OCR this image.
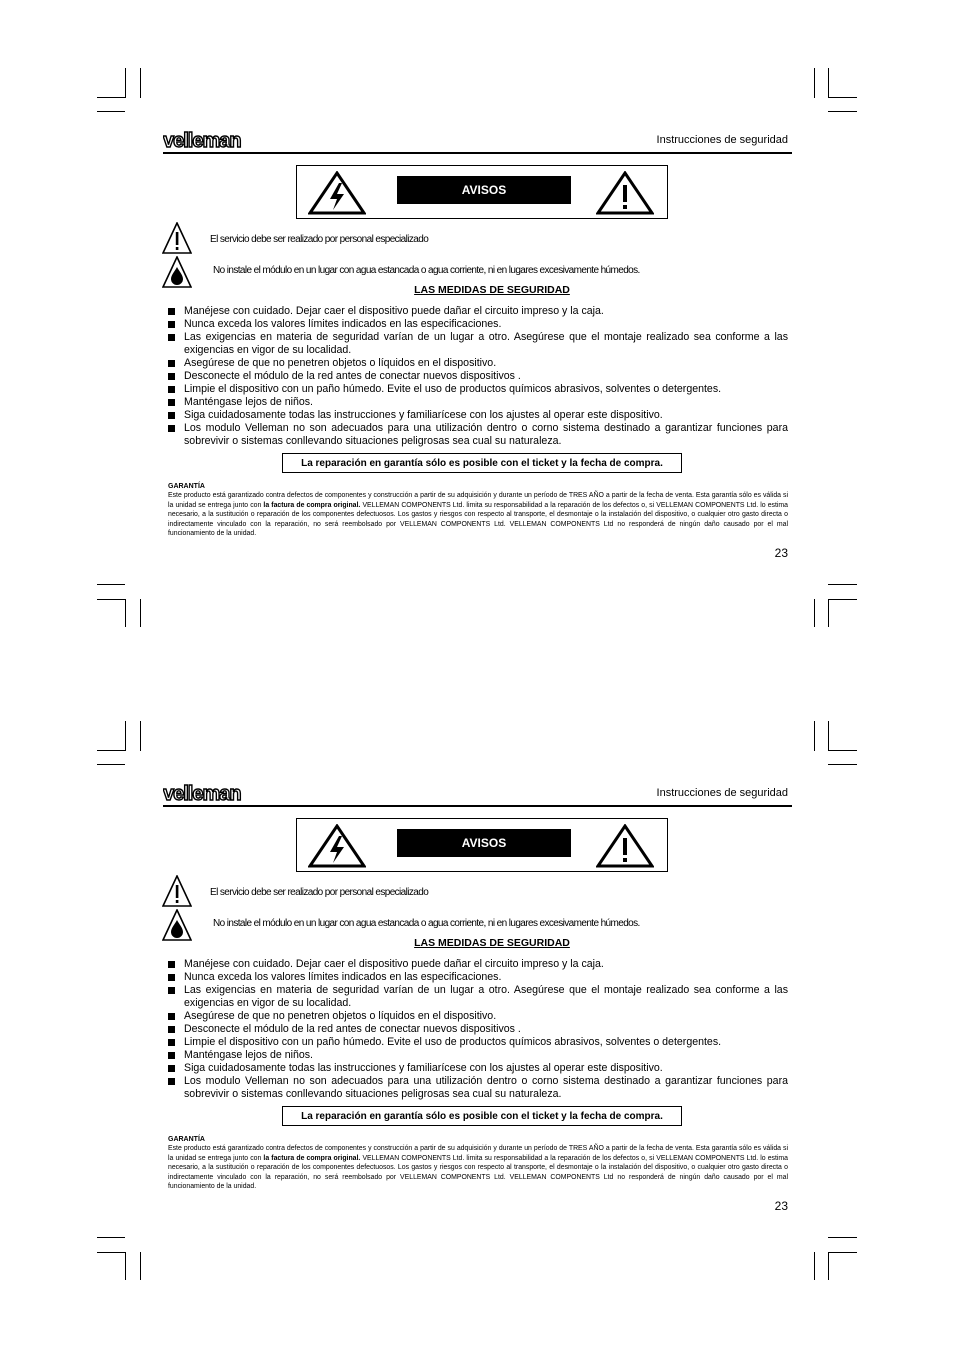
velleman	Instrucciones de seguridad
AVISOS
El servicio debe ser realizado por personal especializado
No instale el módulo en un lugar con agua estancada o agua corriente, ni en lugares excesivamente húmedos.
LAS MEDIDAS DE SEGURIDAD
Manéjese con cuidado. Dejar caer el dispositivo puede dañar el circuito impreso y la caja.
Nunca exceda los valores límites indicados en las especificaciones.
Las exigencias en materia de seguridad varían de un lugar a otro. Asegúrese que el montaje realizado sea conforme a las exigencias en vigor de su localidad.
Asegúrese de que no penetren objetos o líquidos en el dispositivo.
Desconecte el módulo de la red antes de conectar nuevos dispositivos .
Limpie el dispositivo con un paño húmedo. Evite el uso de productos químicos abrasivos, solventes o detergentes.
Manténgase lejos de niños.
Siga cuidadosamente todas las instrucciones y familiarícese con los ajustes al operar este dispositivo.
Los modulo Velleman no son adecuados para una utilización dentro o corno sistema destinado a garantizar funciones para sobrevivir o sistemas conllevando situaciones peligrosas sea cual su naturaleza.
La reparación en garantía sólo es posible con el ticket y la fecha de compra.
GARANTÍA
Este producto está garantizado contra defectos de componentes y construcción a partir de su adquisición y durante un período de TRES AÑO a partir de la fecha de venta. Esta garantía sólo es válida si la unidad se entrega junto con la factura de compra original. VELLEMAN COMPONENTS Ltd. limita su responsabilidad a la reparación de los defectos o, si VELLEMAN COMPONENTS Ltd. lo estima necesario, a la sustitución o reparación de los componentes defectuosos. Los gastos y riesgos con respecto al transporte, el desmontaje o la instalación del dispositivo, o cualquier otro gasto directa o indirectamente vinculado con la reparación, no será reembolsado por VELLEMAN COMPONENTS Ltd. VELLEMAN COMPONENTS Ltd no responderá de ningún daño causado por el mal funcionamiento de la unidad.
23
velleman	Instrucciones de seguridad
AVISOS
El servicio debe ser realizado por personal especializado
No instale el módulo en un lugar con agua estancada o agua corriente, ni en lugares excesivamente húmedos.
LAS MEDIDAS DE SEGURIDAD
Manéjese con cuidado. Dejar caer el dispositivo puede dañar el circuito impreso y la caja.
Nunca exceda los valores límites indicados en las especificaciones.
Las exigencias en materia de seguridad varían de un lugar a otro. Asegúrese que el montaje realizado sea conforme a las exigencias en vigor de su localidad.
Asegúrese de que no penetren objetos o líquidos en el dispositivo.
Desconecte el módulo de la red antes de conectar nuevos dispositivos .
Limpie el dispositivo con un paño húmedo. Evite el uso de productos químicos abrasivos, solventes o detergentes.
Manténgase lejos de niños.
Siga cuidadosamente todas las instrucciones y familiarícese con los ajustes al operar este dispositivo.
Los modulo Velleman no son adecuados para una utilización dentro o corno sistema destinado a garantizar funciones para sobrevivir o sistemas conllevando situaciones peligrosas sea cual su naturaleza.
La reparación en garantía sólo es posible con el ticket y la fecha de compra.
GARANTÍA
Este producto está garantizado contra defectos de componentes y construcción a partir de su adquisición y durante un período de TRES AÑO a partir de la fecha de venta. Esta garantía sólo es válida si la unidad se entrega junto con la factura de compra original. VELLEMAN COMPONENTS Ltd. limita su responsabilidad a la reparación de los defectos o, si VELLEMAN COMPONENTS Ltd. lo estima necesario, a la sustitución o reparación de los componentes defectuosos. Los gastos y riesgos con respecto al transporte, el desmontaje o la instalación del dispositivo, o cualquier otro gasto directa o indirectamente vinculado con la reparación, no será reembolsado por VELLEMAN COMPONENTS Ltd. VELLEMAN COMPONENTS Ltd no responderá de ningún daño causado por el mal funcionamiento de la unidad.
23
